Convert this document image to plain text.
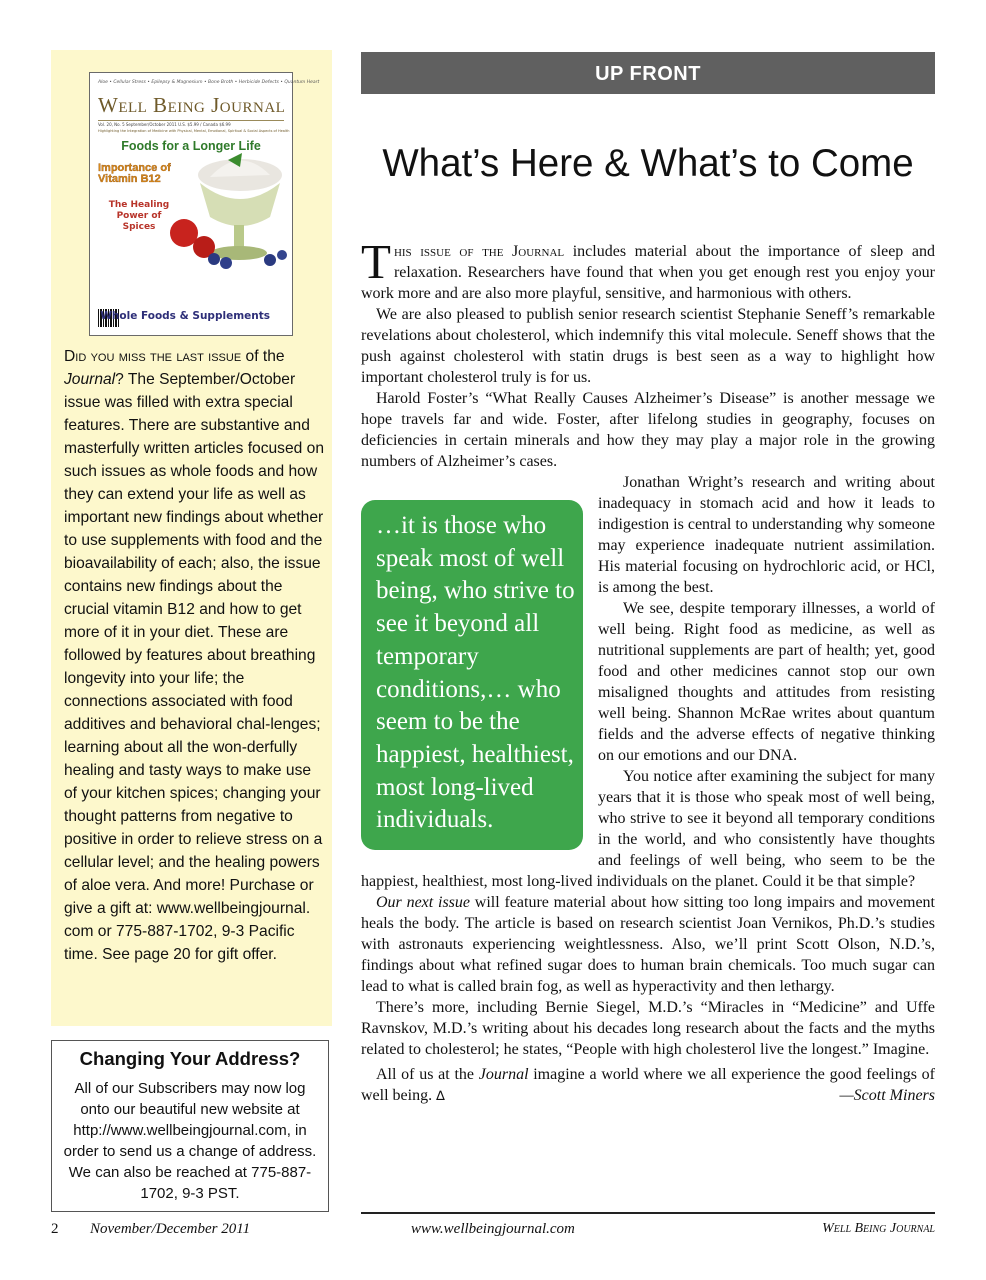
Aloe • Cellular Stress • Epilepsy & Magnesium • Bone Broth • Herbicide Defects • Quantum Heart
Well Being Journal
Vol. 20, No. 5 September/October 2011 U.S. $5.99 / Canada $6.99
Highlighting the Integration of Medicine with Physical, Mental, Emotional, Spiritual & Social Aspects of Health
Foods for a Longer Life
Importance of Vitamin B12
The Healing Power of Spices
Whole Foods & Supplements

Did you miss the last issue of the Journal? The September/October issue was filled with extra special features. There are substantive and masterfully written articles focused on such issues as whole foods and how they can extend your life as well as important new findings about whether to use supplements with food and the bioavailability of each; also, the issue contains new findings about the crucial vitamin B12 and how to get more of it in your diet. These are followed by features about breathing longevity into your life; the connections associated with food additives and behavioral chal-lenges; learning about all the won-derfully healing and tasty ways to make use of your kitchen spices; changing your thought patterns from negative to positive in order to relieve stress on a cellular level; and the healing powers of aloe vera. And more! Purchase or give a gift at: www.wellbeingjournal. com or 775-887-1702, 9-3 Pacific time. See page 20 for gift offer.

Changing Your Address?

All of our Subscribers may now log onto our beautiful new website at http://www.wellbeingjournal.com, in order to send us a change of address. We can also be reached at 775-887-1702, 9-3 PST.

UP FRONT
What’s Here & What’s to Come

This issue of the Journal includes material about the importance of sleep and relaxation. Researchers have found that when you get enough rest you enjoy your work more and are also more playful, sensitive, and harmonious with others.

We are also pleased to publish senior research scientist Stephanie Seneff’s remarkable revelations about cholesterol, which indemnify this vital molecule. Seneff shows that the push against cholesterol with statin drugs is best seen as a way to highlight how important cholesterol truly is for us.

Harold Foster’s “What Really Causes Alzheimer’s Disease” is another message we hope travels far and wide. Foster, after lifelong studies in geography, focuses on deficiencies in certain minerals and how they may play a major role in the growing numbers of Alzheimer’s cases.

…it is those who speak most of well being, who strive to see it beyond all temporary conditions,… who seem to be the happiest, healthiest, most long-lived individuals.

Jonathan Wright’s research and writing about inadequacy in stomach acid and how it leads to indigestion is central to understanding why someone may experience inadequate nutrient assimilation. His material focusing on hydrochloric acid, or HCl, is among the best.

We see, despite temporary illnesses, a world of well being. Right food as medicine, as well as nutritional supplements are part of health; yet, good food and other medicines cannot stop our own misaligned thoughts and attitudes from resisting well being. Shannon McRae writes about quantum fields and the adverse effects of negative thinking on our emotions and our DNA.

You notice after examining the subject for many years that it is those who speak most of well being, who strive to see it beyond all temporary conditions in the world, and who consistently have thoughts and feelings of well being, who seem to be the happiest, healthiest, most long-lived individuals on the planet. Could it be that simple?

Our next issue will feature material about how sitting too long impairs and movement heals the body. The article is based on research scientist Joan Vernikos, Ph.D.’s studies with astronauts experiencing weightlessness. Also, we’ll print Scott Olson, N.D.’s, findings about what refined sugar does to human brain chemicals. Too much sugar can lead to what is called brain fog, as well as hyperactivity and then lethargy.

There’s more, including Bernie Siegel, M.D.’s “Miracles in “Medicine” and Uffe Ravnskov, M.D.’s writing about his decades long research about the facts and the myths related to cholesterol; he states, “People with high cholesterol live the longest.” Imagine.

All of us at the Journal imagine a world where we all experience the good feelings of well being. ∆	—Scott Miners

2 November/December 2011	www.wellbeingjournal.com	Well Being Journal
